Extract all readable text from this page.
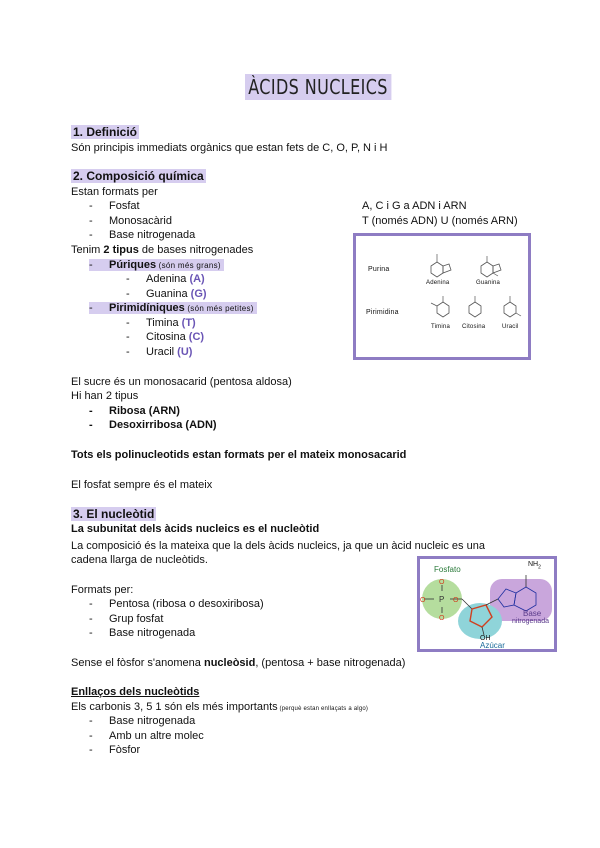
ÀCIDS NUCLEICS
1. Definició
Són principis immediats orgànics que estan fets de C, O, P, N i H
2. Composició química
Estan formats per
- Fosfat
- Monosacàrid
- Base nitrogenada
A, C i G a ADN i ARN
T (només ADN) U (només ARN)
Tenim 2 tipus de bases nitrogenades
- Púriques (són més grans)
- Adenina (A)
- Guanina (G)
- Pirimidíniques (són més petites)
- Timina (T)
- Citosina (C)
- Uracil (U)
Purina
Pirimidina
Adenina	Guanina
Timina Citosina	Uracil
El sucre és un monosacarid (pentosa aldosa)
Hi han 2 tipus
- Ribosa (ARN)
- Desoxirribosa (ADN)
Tots els polinucleotids estan formats per el mateix monosacarid
El fosfat sempre és el mateix
3. El nucleòtid
La subunitat dels àcids nucleics es el nucleòtid
La composició és la mateixa que la dels àcids nucleics, ja que un àcid nucleic es una
cadena llarga de nucleòtids.
Formats per:
- Pentosa (ribosa o desoxiribosa)
- Grup fosfat
- Base nitrogenada
Sense el fòsfor s'anomena nucleòsid, (pentosa + base nitrogenada)
P
O
O
O	O
Fosfato
$NH_2$
Base
nitrogenada
OH
Azúcar
Enllaços dels nucleòtids
Els carbonis 3, 5 1 són els més importants (perquè estan enllaçats a algo)
- Base nitrogenada
- Amb un altre molec
- Fòsfor
